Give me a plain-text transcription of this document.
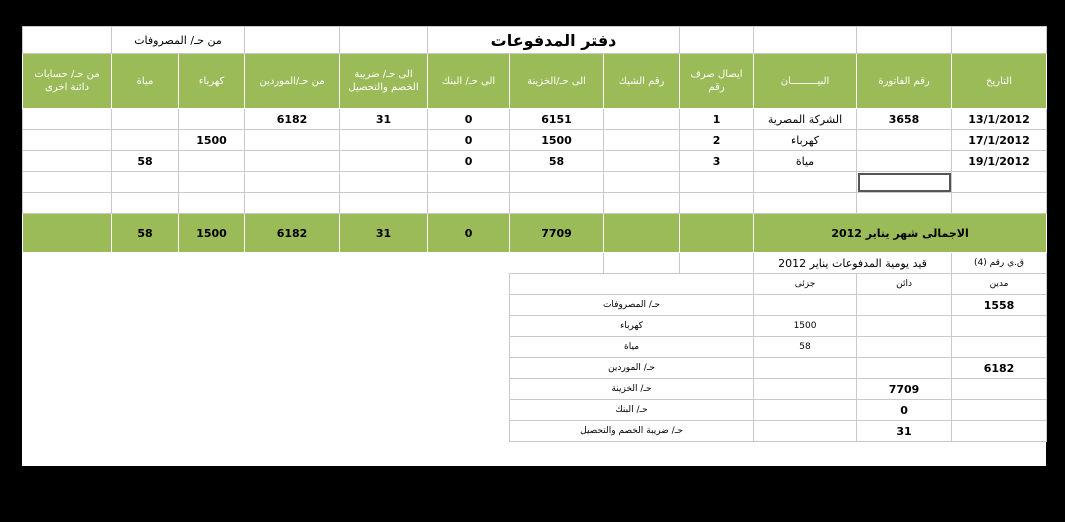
				دفتر المدفوعات					من حـ/ المصروفات		
التاريخ	رقم الفاتورة	البيـــــــــان	ايصال صرف رقم	رقم الشيك	الى حـ/الخزينة	الى حـ/ البنك	الى حـ/ ضريبة الخصم والتحصيل	من حـ/الموردين	كهرباء	مياة	من حـ/ حسابات دائنة اخرى
13/1/2012	3658	الشركة المصرية	1		6151	0	31	6182			
17/1/2012		كهرباء	2		1500	0			1500		
19/1/2012		مياة	3		58	0				58	

الاجمالى شهر يناير 2012					7709	0	31	6182	1500	58	
ق.ي رقم (4)	قيد يومية المدفوعات يناير 2012										
مدين	دائن	جزئى									
1558			حـ/ المصروفات								
		1500	كهرباء								
		58	مياة								
6182			حـ/ الموردين								
	7709		حـ/ الخزينة								
	0		حـ/ البنك								
	31		حـ/ ضريبة الخصم والتحصيل								
